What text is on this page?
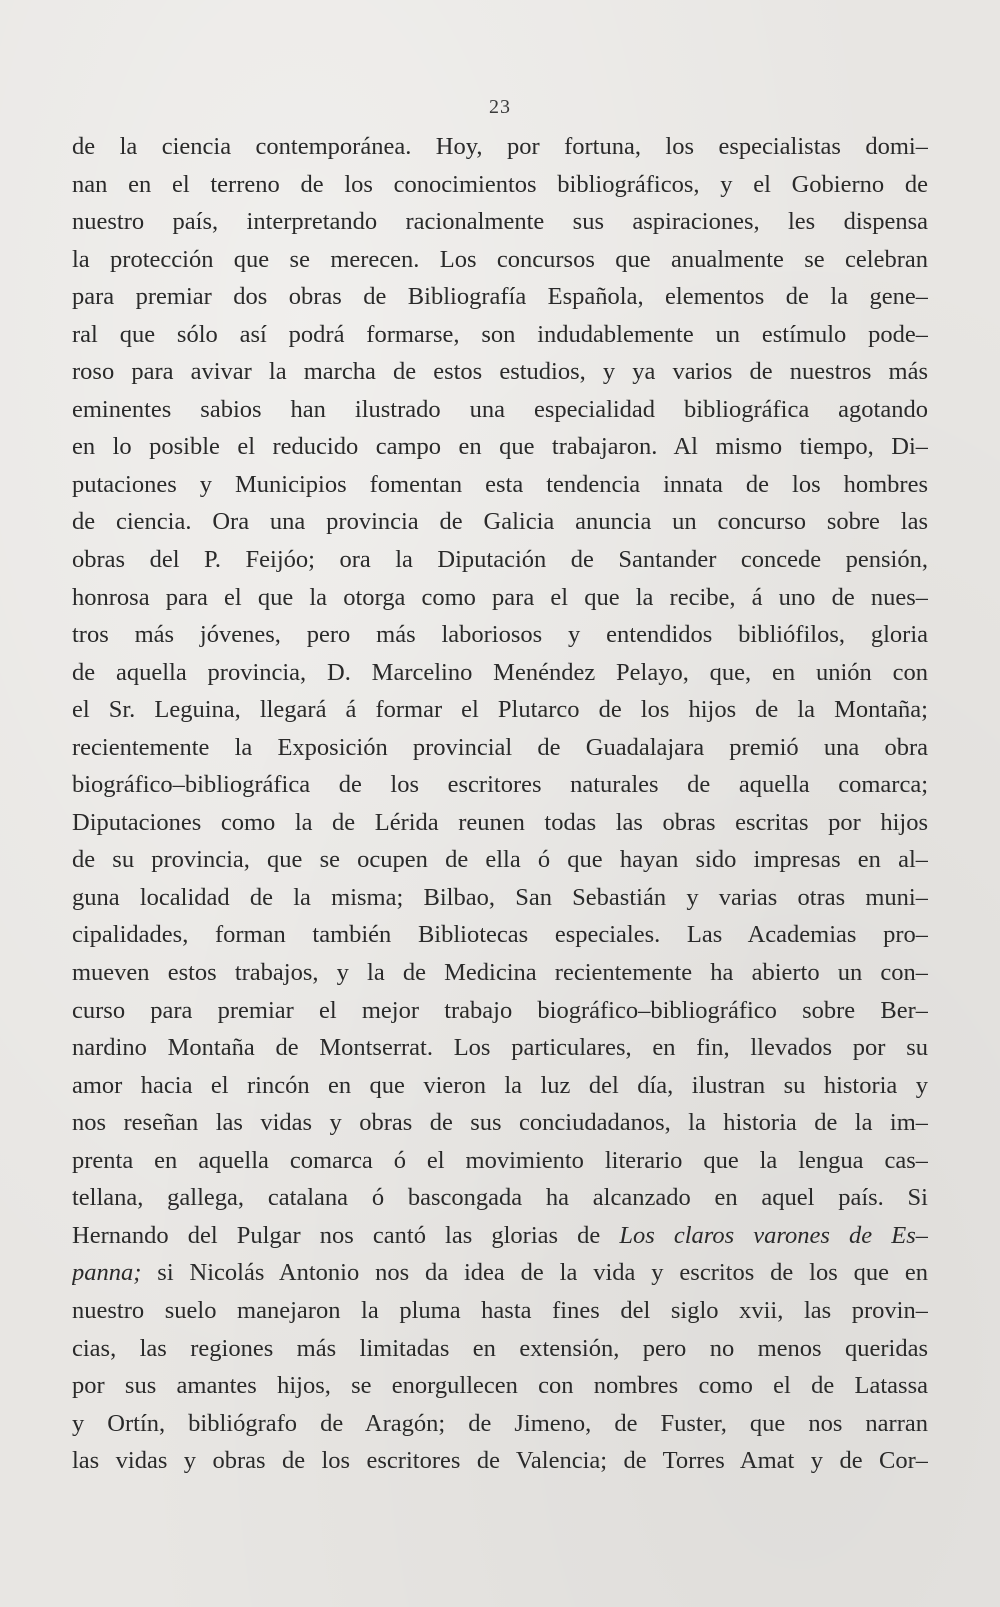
23
de la ciencia contemporánea. Hoy, por fortuna, los especialistas domi–
nan en el terreno de los conocimientos bibliográficos, y el Gobierno de
nuestro país, interpretando racionalmente sus aspiraciones, les dispensa
la protección que se merecen. Los concursos que anualmente se celebran
para premiar dos obras de Bibliografía Española, elementos de la gene–
ral que sólo así podrá formarse, son indudablemente un estímulo pode–
roso para avivar la marcha de estos estudios, y ya varios de nuestros más
eminentes sabios han ilustrado una especialidad bibliográfica agotando
en lo posible el reducido campo en que trabajaron. Al mismo tiempo, Di–
putaciones y Municipios fomentan esta tendencia innata de los hombres
de ciencia. Ora una provincia de Galicia anuncia un concurso sobre las
obras del P. Feijóo; ora la Diputación de Santander concede pensión,
honrosa para el que la otorga como para el que la recibe, á uno de nues–
tros más jóvenes, pero más laboriosos y entendidos bibliófilos, gloria
de aquella provincia, D. Marcelino Menéndez Pelayo, que, en unión con
el Sr. Leguina, llegará á formar el Plutarco de los hijos de la Montaña;
recientemente la Exposición provincial de Guadalajara premió una obra
biográfico–bibliográfica de los escritores naturales de aquella comarca;
Diputaciones como la de Lérida reunen todas las obras escritas por hijos
de su provincia, que se ocupen de ella ó que hayan sido impresas en al–
guna localidad de la misma; Bilbao, San Sebastián y varias otras muni–
cipalidades, forman también Bibliotecas especiales. Las Academias pro–
mueven estos trabajos, y la de Medicina recientemente ha abierto un con–
curso para premiar el mejor trabajo biográfico–bibliográfico sobre Ber–
nardino Montaña de Montserrat. Los particulares, en fin, llevados por su
amor hacia el rincón en que vieron la luz del día, ilustran su historia y
nos reseñan las vidas y obras de sus conciudadanos, la historia de la im–
prenta en aquella comarca ó el movimiento literario que la lengua cas–
tellana, gallega, catalana ó bascongada ha alcanzado en aquel país. Si
Hernando del Pulgar nos cantó las glorias de Los claros varones de Es–
panna; si Nicolás Antonio nos da idea de la vida y escritos de los que en
nuestro suelo manejaron la pluma hasta fines del siglo xvii, las provin–
cias, las regiones más limitadas en extensión, pero no menos queridas
por sus amantes hijos, se enorgullecen con nombres como el de Latassa
y Ortín, bibliógrafo de Aragón; de Jimeno, de Fuster, que nos narran
las vidas y obras de los escritores de Valencia; de Torres Amat y de Cor–
